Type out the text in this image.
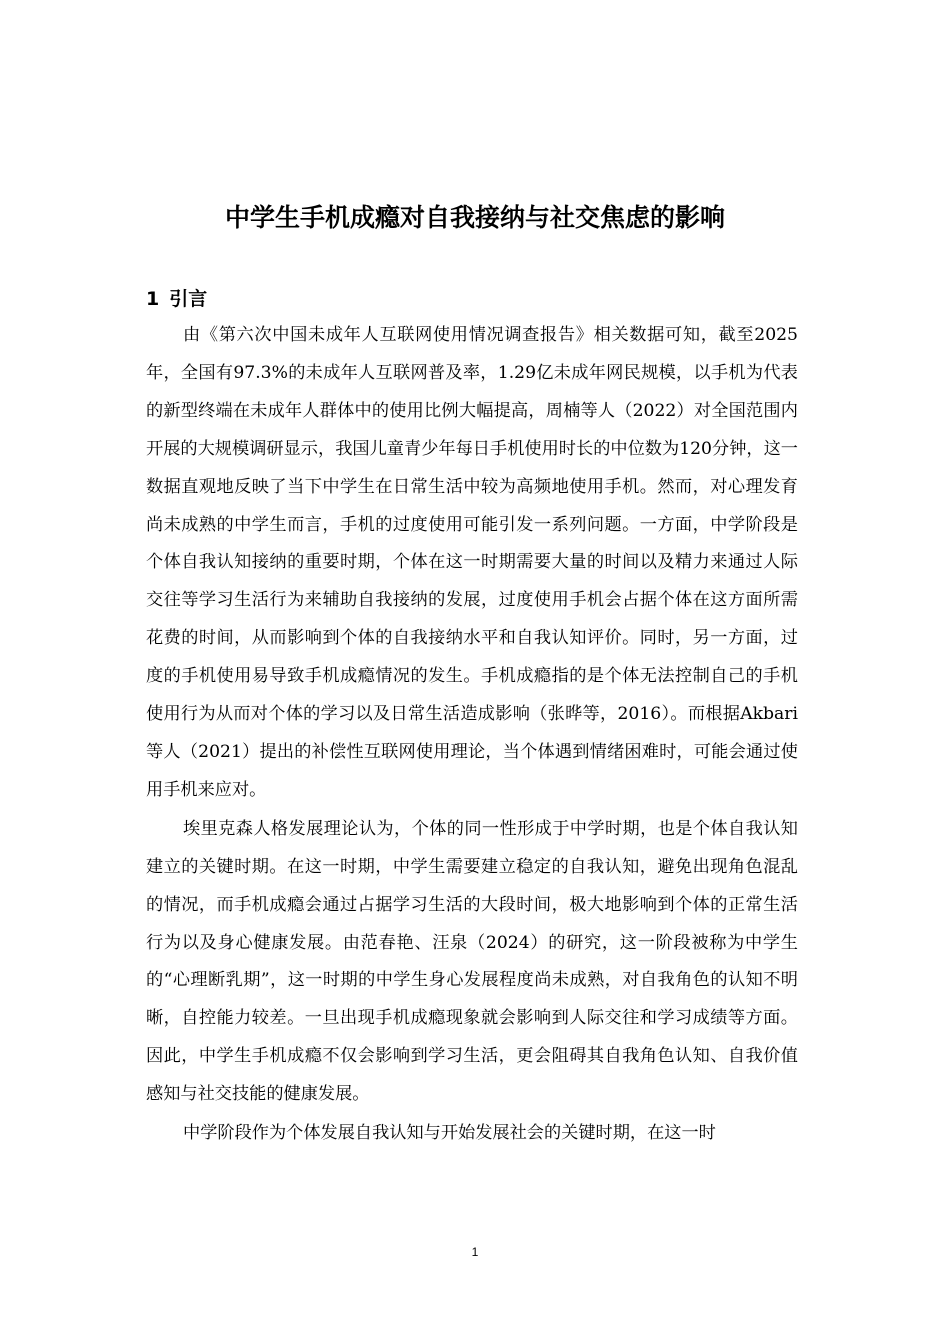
中学生手机成瘾对自我接纳与社交焦虑的影响
1 引言

由《第六次中国未成年人互联网使用情况调查报告》相关数据可知，截至2025年，全国有97.3%的未成年人互联网普及率，1.29亿未成年网民规模，以手机为代表的新型终端在未成年人群体中的使用比例大幅提高，周楠等人（2022）对全国范围内开展的大规模调研显示，我国儿童青少年每日手机使用时长的中位数为120分钟，这一数据直观地反映了当下中学生在日常生活中较为高频地使用手机。然而，对心理发育尚未成熟的中学生而言，手机的过度使用可能引发一系列问题。一方面，中学阶段是个体自我认知接纳的重要时期，个体在这一时期需要大量的时间以及精力来通过人际交往等学习生活行为来辅助自我接纳的发展，过度使用手机会占据个体在这方面所需花费的时间，从而影响到个体的自我接纳水平和自我认知评价。同时，另一方面，过度的手机使用易导致手机成瘾情况的发生。手机成瘾指的是个体无法控制自己的手机使用行为从而对个体的学习以及日常生活造成影响（张晔等，2016）。而根据Akbari等人（2021）提出的补偿性互联网使用理论，当个体遇到情绪困难时，可能会通过使用手机来应对。

埃里克森人格发展理论认为，个体的同一性形成于中学时期，也是个体自我认知建立的关键时期。在这一时期，中学生需要建立稳定的自我认知，避免出现角色混乱的情况，而手机成瘾会通过占据学习生活的大段时间，极大地影响到个体的正常生活行为以及身心健康发展。由范春艳、汪泉（2024）的研究，这一阶段被称为中学生的“心理断乳期”，这一时期的中学生身心发展程度尚未成熟，对自我角色的认知不明晰，自控能力较差。一旦出现手机成瘾现象就会影响到人际交往和学习成绩等方面。因此，中学生手机成瘾不仅会影响到学习生活，更会阻碍其自我角色认知、自我价值感知与社交技能的健康发展。

中学阶段作为个体发展自我认知与开始发展社会的关键时期，在这一时

1
